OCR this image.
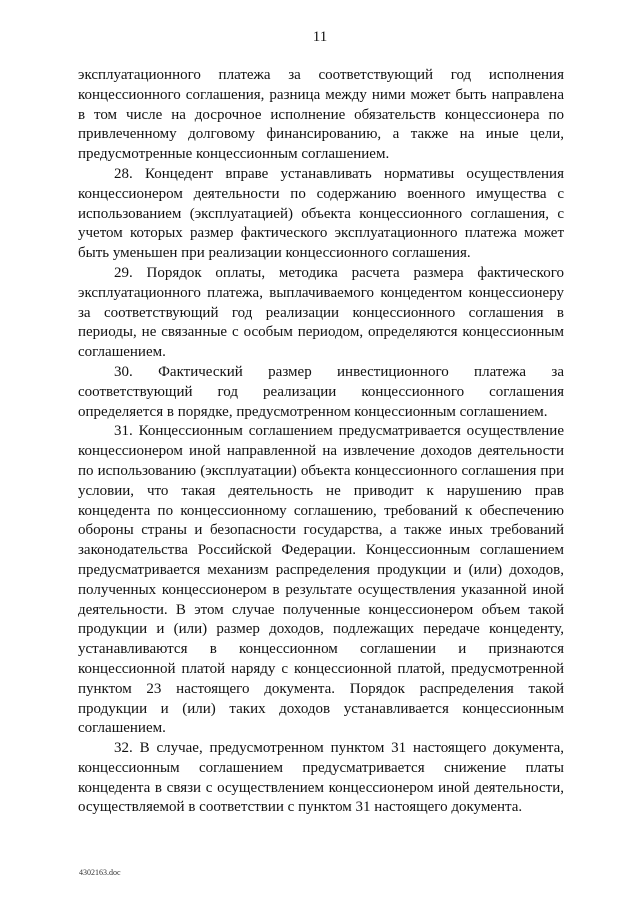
11

эксплуатационного платежа за соответствующий год исполнения концессионного соглашения, разница между ними может быть направлена в том числе на досрочное исполнение обязательств концессионера по привлеченному долговому финансированию, а также на иные цели, предусмотренные концессионным соглашением.

28. Концедент вправе устанавливать нормативы осуществления концессионером деятельности по содержанию военного имущества с использованием (эксплуатацией) объекта концессионного соглашения, с учетом которых размер фактического эксплуатационного платежа может быть уменьшен при реализации концессионного соглашения.

29. Порядок оплаты, методика расчета размера фактического эксплуатационного платежа, выплачиваемого концедентом концессионеру за соответствующий год реализации концессионного соглашения в периоды, не связанные с особым периодом, определяются концессионным соглашением.

30. Фактический размер инвестиционного платежа за соответствующий год реализации концессионного соглашения определяется в порядке, предусмотренном концессионным соглашением.

31. Концессионным соглашением предусматривается осуществление концессионером иной направленной на извлечение доходов деятельности по использованию (эксплуатации) объекта концессионного соглашения при условии, что такая деятельность не приводит к нарушению прав концедента по концессионному соглашению, требований к обеспечению обороны страны и безопасности государства, а также иных требований законодательства Российской Федерации. Концессионным соглашением предусматривается механизм распределения продукции и (или) доходов, полученных концессионером в результате осуществления указанной иной деятельности. В этом случае полученные концессионером объем такой продукции и (или) размер доходов, подлежащих передаче концеденту, устанавливаются в концессионном соглашении и признаются концессионной платой наряду с концессионной платой, предусмотренной пунктом 23 настоящего документа. Порядок распределения такой продукции и (или) таких доходов устанавливается концессионным соглашением.

32. В случае, предусмотренном пунктом 31 настоящего документа, концессионным соглашением предусматривается снижение платы концедента в связи с осуществлением концессионером иной деятельности, осуществляемой в соответствии с пунктом 31 настоящего документа.

4302163.doc
